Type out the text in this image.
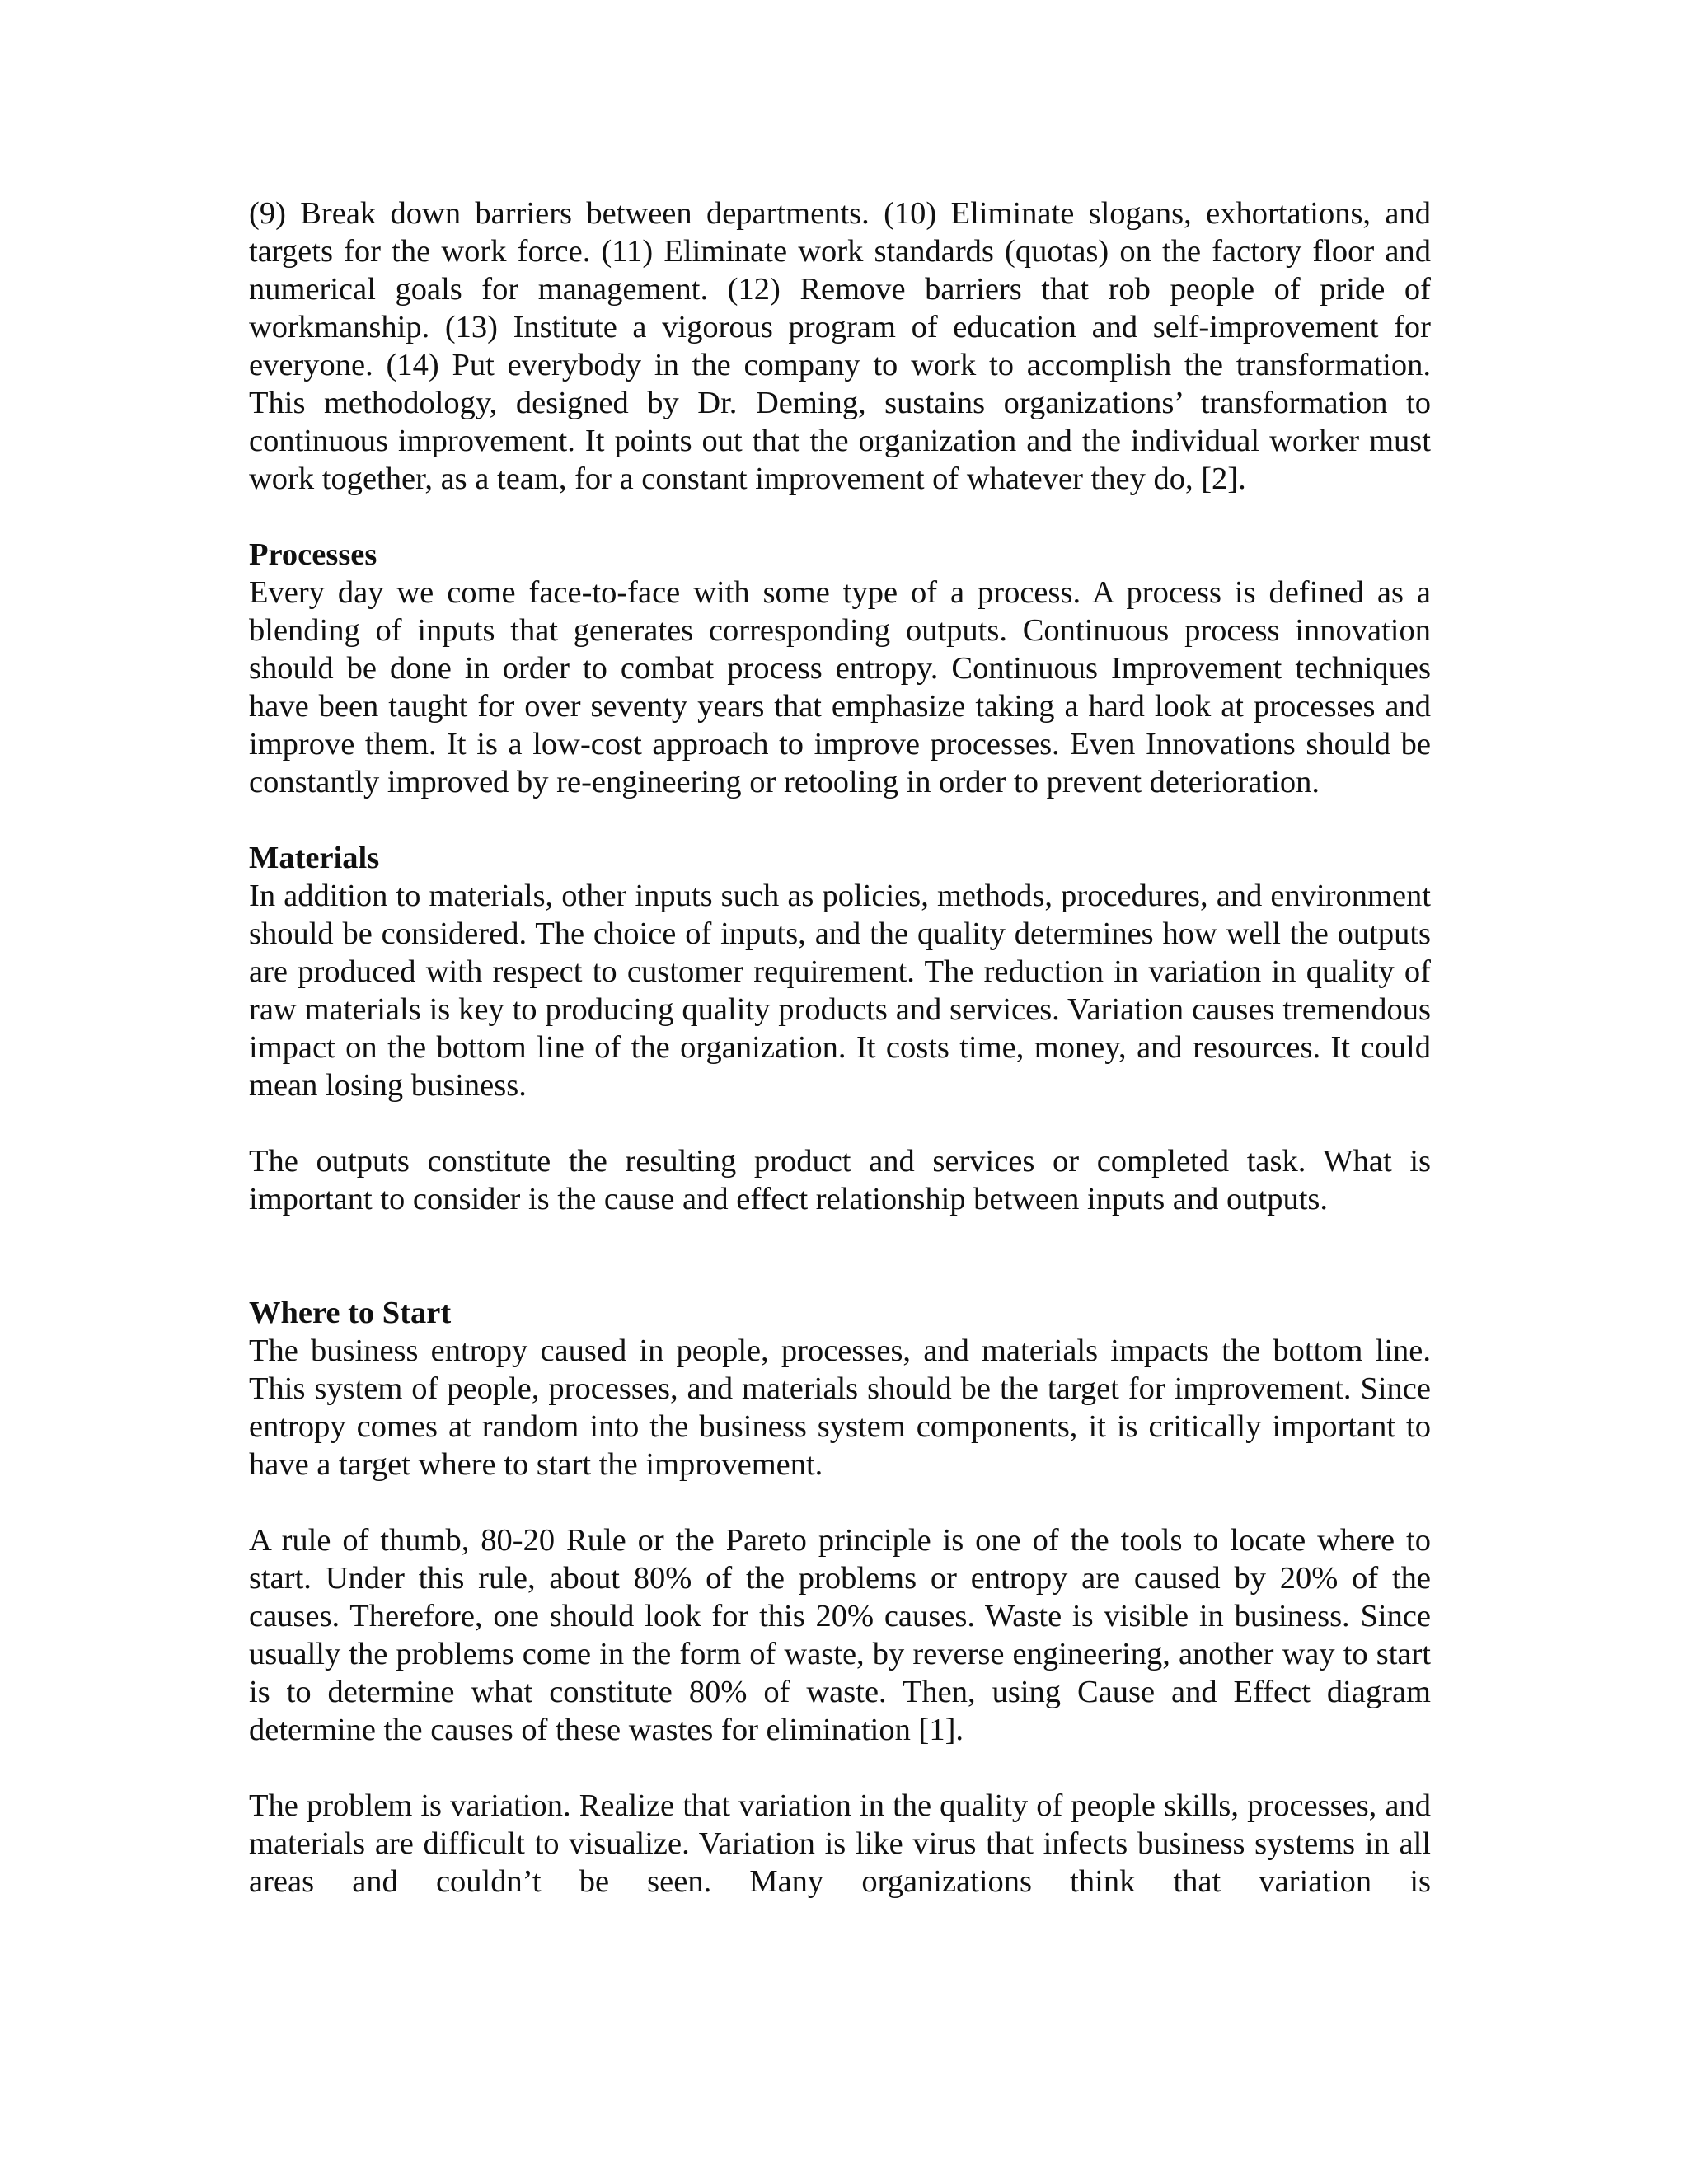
(9) Break down barriers between departments. (10) Eliminate slogans, exhortations, and targets for the work force. (11) Eliminate work standards (quotas) on the factory floor and numerical goals for management. (12) Remove barriers that rob people of pride of workmanship. (13) Institute a vigorous program of education and self-improvement for everyone. (14) Put everybody in the company to work to accomplish the transformation. This methodology, designed by Dr. Deming, sustains organizations’ transformation to continuous improvement. It points out that the organization and the individual worker must work together, as a team, for a constant improvement of whatever they do, [2].

Processes

Every day we come face-to-face with some type of a process. A process is defined as a blending of inputs that generates corresponding outputs. Continuous process innovation should be done in order to combat process entropy. Continuous Improvement techniques have been taught for over seventy years that emphasize taking a hard look at processes and improve them. It is a low-cost approach to improve processes. Even Innovations should be constantly improved by re-engineering or retooling in order to prevent deterioration.

Materials

In addition to materials, other inputs such as policies, methods, procedures, and environment should be considered. The choice of inputs, and the quality determines how well the outputs are produced with respect to customer requirement. The reduction in variation in quality of raw materials is key to producing quality products and services. Variation causes tremendous impact on the bottom line of the organization. It costs time, money, and resources. It could mean losing business.

The outputs constitute the resulting product and services or completed task. What is important to consider is the cause and effect relationship between inputs and outputs.

Where to Start

The business entropy caused in people, processes, and materials impacts the bottom line. This system of people, processes, and materials should be the target for improvement. Since entropy comes at random into the business system components, it is critically important to have a target where to start the improvement.

A rule of thumb, 80-20 Rule or the Pareto principle is one of the tools to locate where to start. Under this rule, about 80% of the problems or entropy are caused by 20% of the causes. Therefore, one should look for this 20% causes. Waste is visible in business. Since usually the problems come in the form of waste, by reverse engineering, another way to start is to determine what constitute 80% of waste. Then, using Cause and Effect diagram determine the causes of these wastes for elimination [1].

The problem is variation. Realize that variation in the quality of people skills, processes, and materials are difficult to visualize. Variation is like virus that infects business systems in all areas and couldn’t be seen. Many organizations think that variation is
